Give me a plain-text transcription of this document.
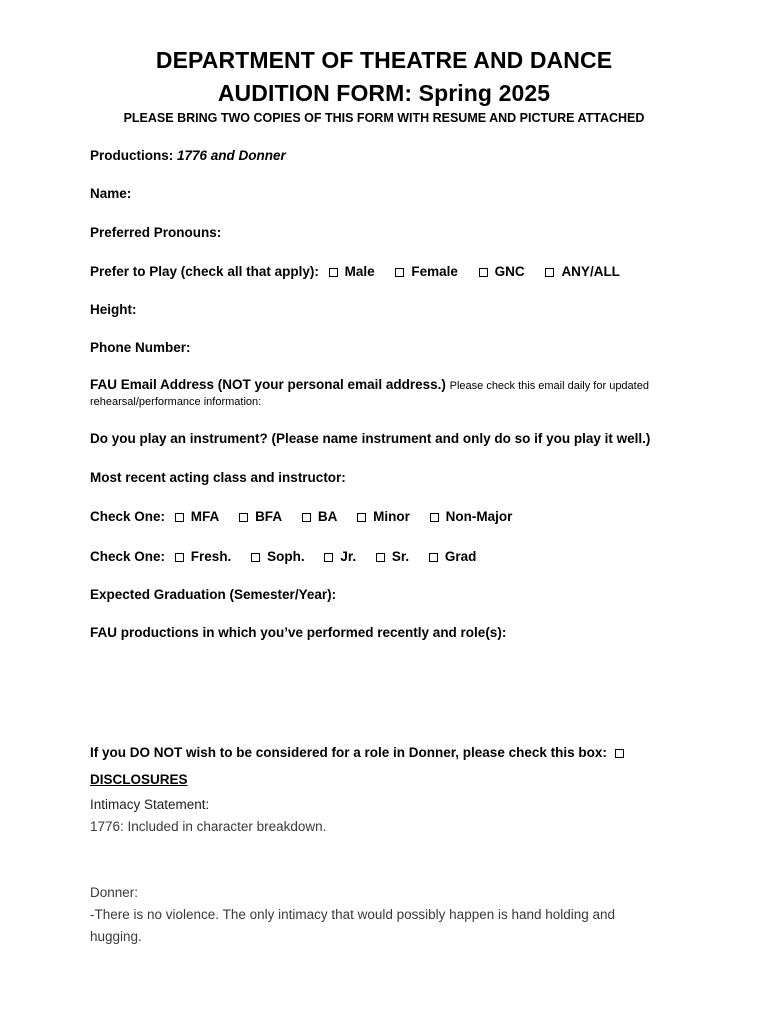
DEPARTMENT OF THEATRE AND DANCE
AUDITION FORM: Spring 2025
PLEASE BRING TWO COPIES OF THIS FORM WITH RESUME AND PICTURE ATTACHED
Productions: 1776 and Donner
Name:
Preferred Pronouns:
Prefer to Play (check all that apply): Male	Female	GNC	ANY/ALL
Height:
Phone Number:
FAU Email Address (NOT your personal email address.) Please check this email daily for updated
rehearsal/performance information:
Do you play an instrument? (Please name instrument and only do so if you play it well.)
Most recent acting class and instructor:
Check One: MFA	BFA	BA	Minor	Non-Major
Check One: Fresh.	Soph.	Jr.	Sr.	Grad
Expected Graduation (Semester/Year):
FAU productions in which you’ve performed recently and role(s):
If you DO NOT wish to be considered for a role in Donner, please check this box:
DISCLOSURES
Intimacy Statement:
1776: Included in character breakdown.
Donner:
-There is no violence. The only intimacy that would possibly happen is hand holding and
hugging.
